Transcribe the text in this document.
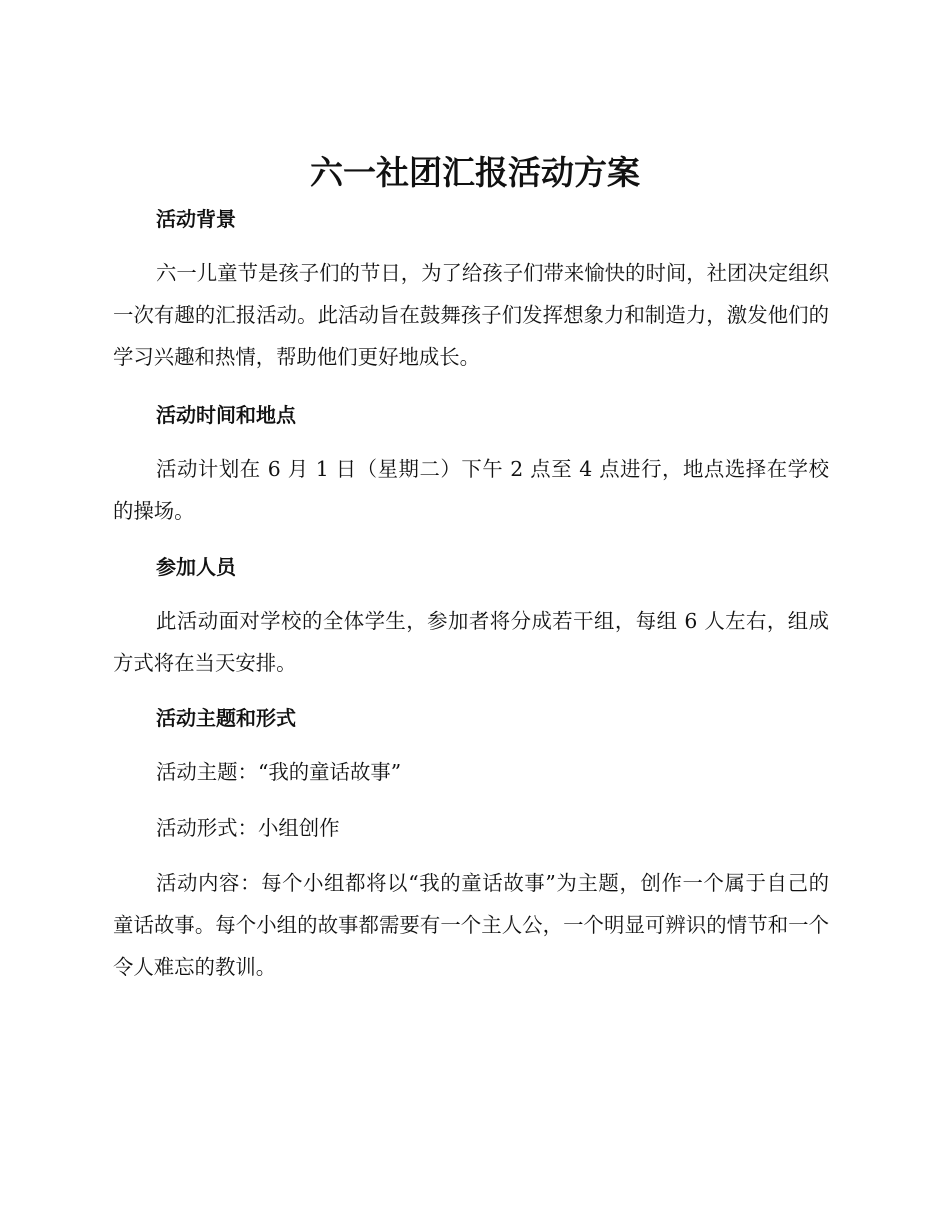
六一社团汇报活动方案
活动背景

六一儿童节是孩子们的节日，为了给孩子们带来愉快的时间，社团决定组织一次有趣的汇报活动。此活动旨在鼓舞孩子们发挥想象力和制造力，激发他们的学习兴趣和热情，帮助他们更好地成长。

活动时间和地点

活动计划在 6 月 1 日（星期二）下午 2 点至 4 点进行，地点选择在学校的操场。

参加人员

此活动面对学校的全体学生，参加者将分成若干组，每组 6 人左右，组成方式将在当天安排。

活动主题和形式

活动主题：“我的童话故事”

活动形式：小组创作

活动内容：每个小组都将以“我的童话故事”为主题，创作一个属于自己的童话故事。每个小组的故事都需要有一个主人公，一个明显可辨识的情节和一个令人难忘的教训。
